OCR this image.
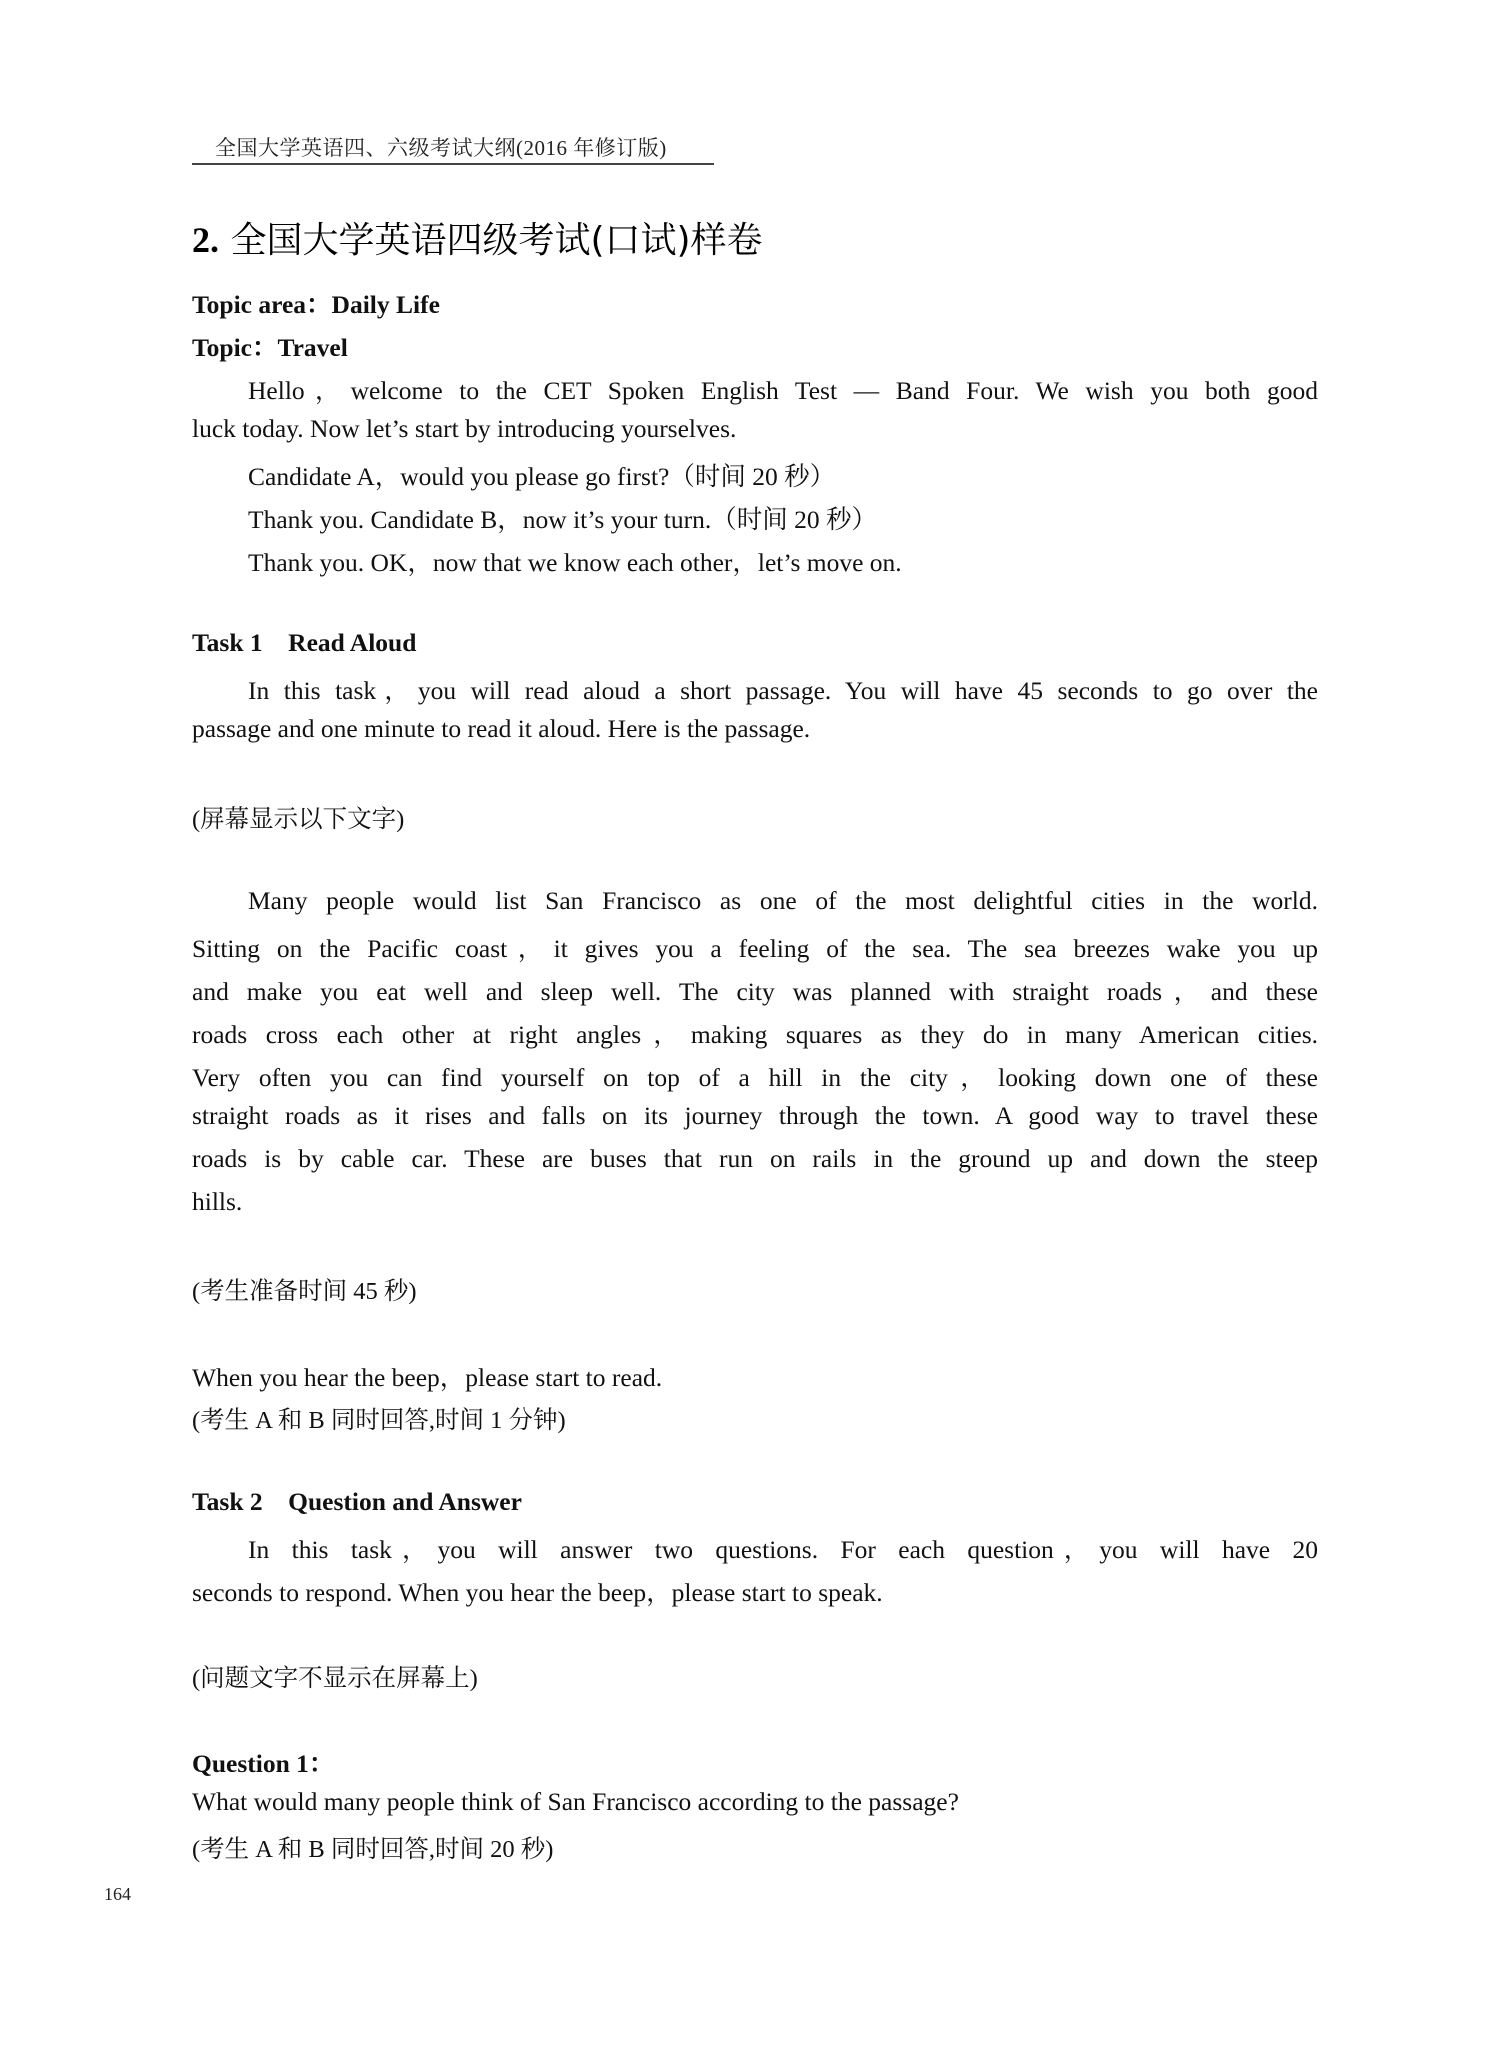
全国大学英语四、六级考试大纲(2016 年修订版)
2. 全国大学英语四级考试(口试)样卷
Topic area：Daily Life
Topic：Travel
Hello，welcome to the CET Spoken English Test — Band Four. We wish you both good
luck today. Now let’s start by introducing yourselves.
Candidate A，would you please go first?（时间 20 秒）
Thank you. Candidate B，now it’s your turn.（时间 20 秒）
Thank you. OK，now that we know each other，let’s move on.
Task 1    Read Aloud
In this task，you will read aloud a short passage. You will have 45 seconds to go over the
passage and one minute to read it aloud. Here is the passage.
(屏幕显示以下文字)
Many people would list San Francisco as one of the most delightful cities in the world.
Sitting on the Pacific coast，it gives you a feeling of the sea. The sea breezes wake you up
and make you eat well and sleep well. The city was planned with straight roads，and these
roads cross each other at right angles，making squares as they do in many American cities.
Very often you can find yourself on top of a hill in the city，looking down one of these
straight roads as it rises and falls on its journey through the town. A good way to travel these
roads is by cable car. These are buses that run on rails in the ground up and down the steep
hills.
(考生准备时间 45 秒)
When you hear the beep，please start to read.
(考生 A 和 B 同时回答,时间 1 分钟)
Task 2    Question and Answer
In this task，you will answer two questions. For each question，you will have 20
seconds to respond. When you hear the beep，please start to speak.
(问题文字不显示在屏幕上)
Question 1：
What would many people think of San Francisco according to the passage?
(考生 A 和 B 同时回答,时间 20 秒)
164
